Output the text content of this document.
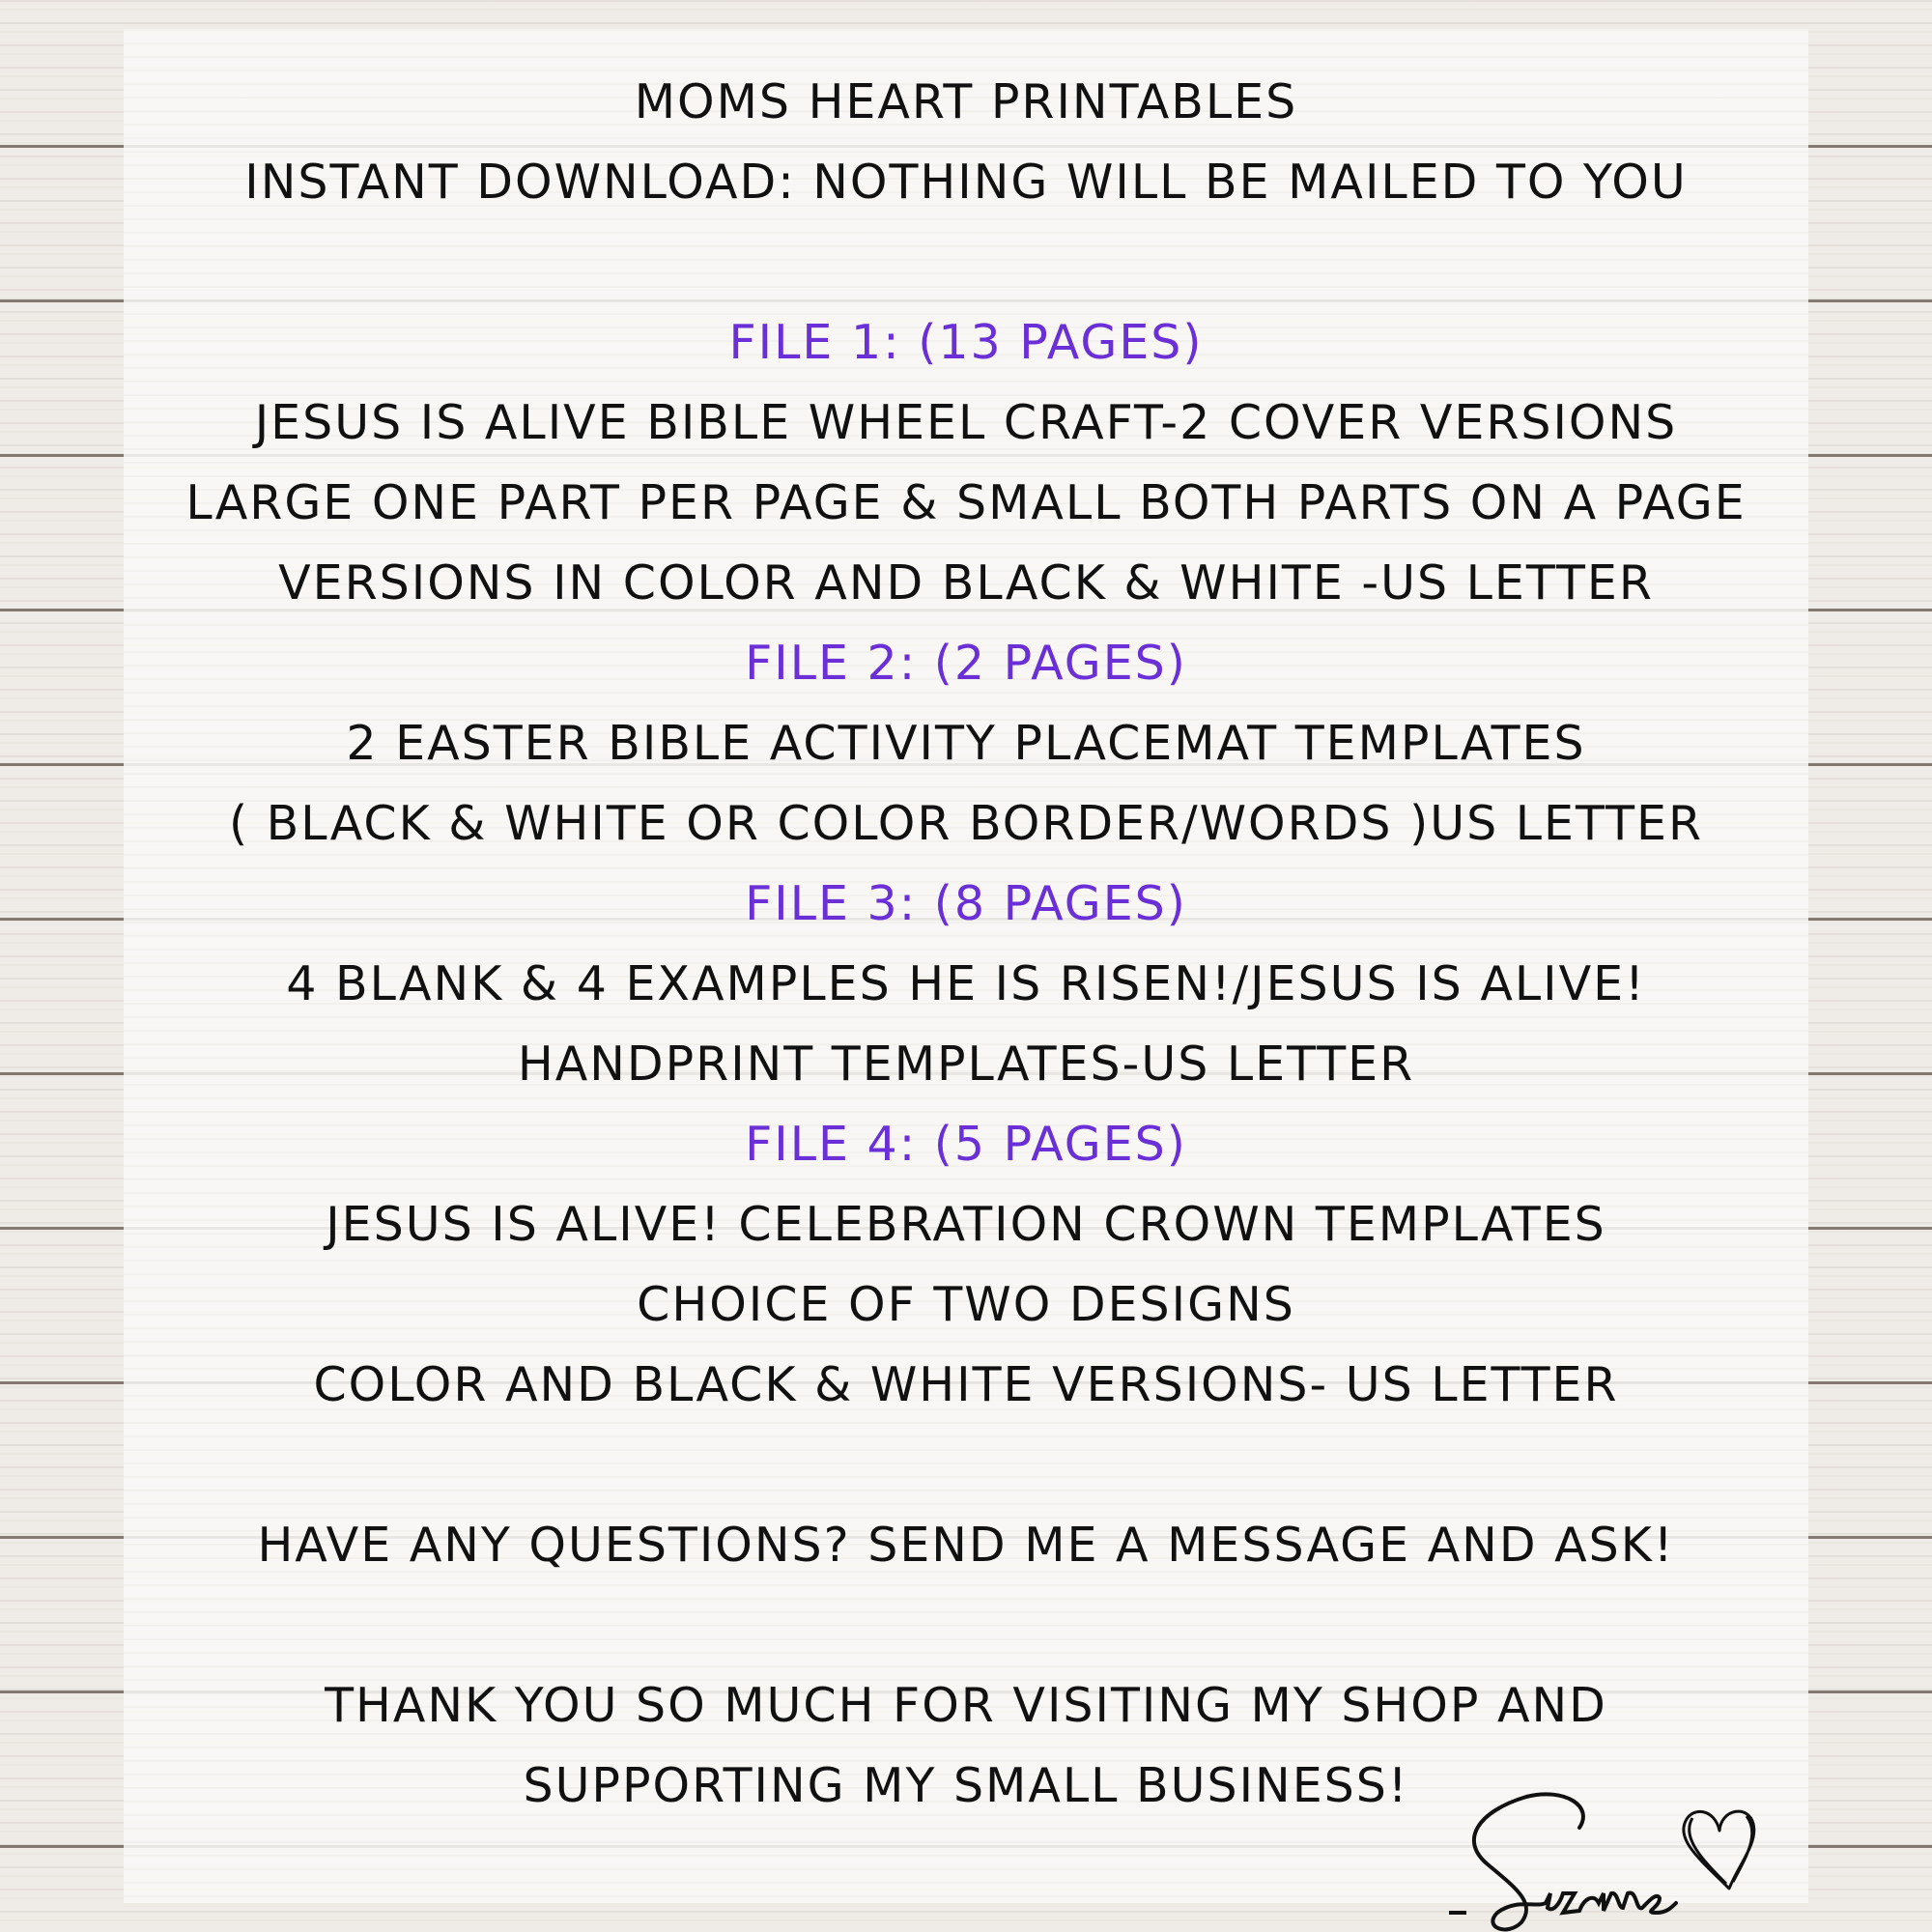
MOMS HEART PRINTABLES
INSTANT DOWNLOAD: NOTHING WILL BE MAILED TO YOU
FILE 1: (13 PAGES)
JESUS IS ALIVE BIBLE WHEEL CRAFT-2 COVER VERSIONS
LARGE ONE PART PER PAGE & SMALL BOTH PARTS ON A PAGE
VERSIONS IN COLOR AND BLACK & WHITE -US LETTER
FILE 2: (2 PAGES)
2 EASTER BIBLE ACTIVITY PLACEMAT TEMPLATES
( BLACK & WHITE OR COLOR BORDER/WORDS )US LETTER
FILE 3: (8 PAGES)
4 BLANK & 4 EXAMPLES HE IS RISEN!/JESUS IS ALIVE!
HANDPRINT TEMPLATES-US LETTER
FILE 4: (5 PAGES)
JESUS IS ALIVE! CELEBRATION CROWN TEMPLATES
CHOICE OF TWO DESIGNS
COLOR AND BLACK & WHITE VERSIONS- US LETTER
HAVE ANY QUESTIONS? SEND ME A MESSAGE AND ASK!
THANK YOU SO MUCH FOR VISITING MY SHOP AND
SUPPORTING MY SMALL BUSINESS!
